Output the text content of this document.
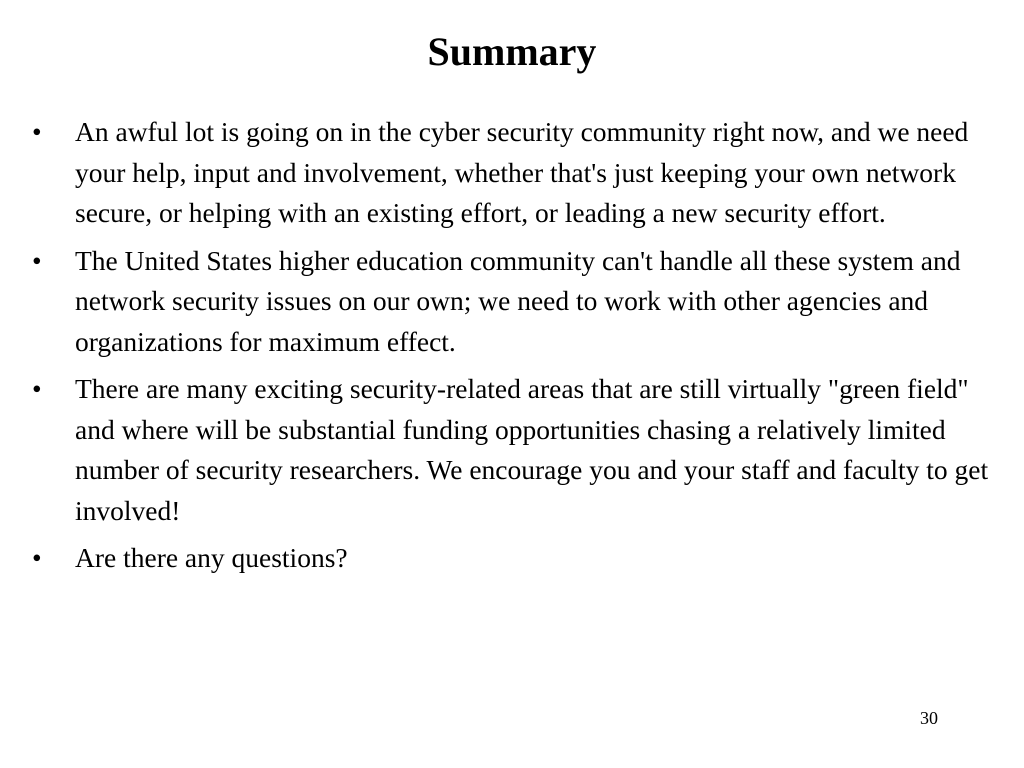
Summary
•	An awful lot is going on in the cyber security community right now, and we need your help, input and involvement, whether that's just keeping your own network secure, or helping with an existing effort, or leading a new security effort.
•	The United States higher education community can't handle all these system and network security issues on our own; we need to work with other agencies and organizations for maximum effect.
•	There are many exciting security-related areas that are still virtually "green field" and where will be substantial funding opportunities chasing a relatively limited number of security researchers. We encourage you and your staff and faculty to get involved!
•	Are there any questions?
30
